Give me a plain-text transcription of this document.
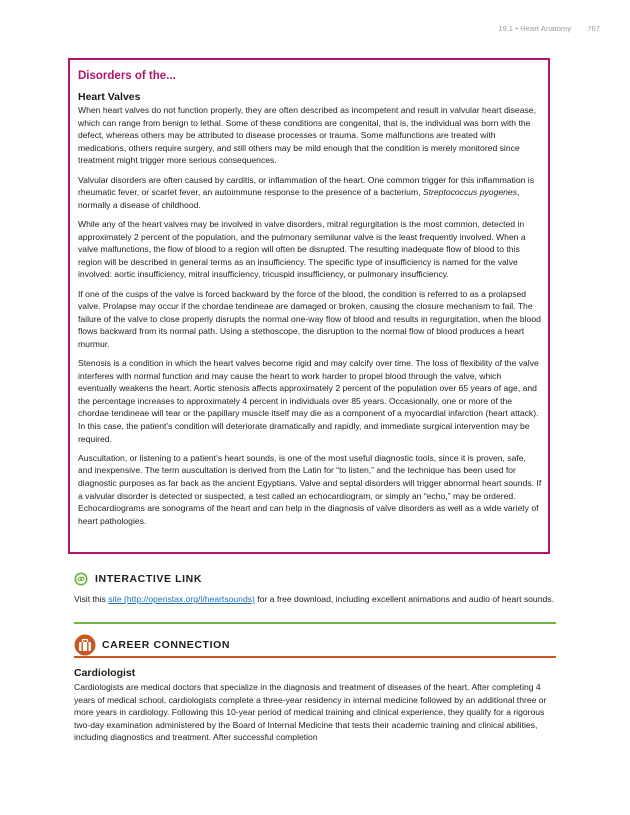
19.1 • Heart Anatomy 767
Disorders of the...
Heart Valves

When heart valves do not function properly, they are often described as incompetent and result in valvular heart disease, which can range from benign to lethal. Some of these conditions are congenital, that is, the individual was born with the defect, whereas others may be attributed to disease processes or trauma. Some malfunctions are treated with medications, others require surgery, and still others may be mild enough that the condition is merely monitored since treatment might trigger more serious consequences.

Valvular disorders are often caused by carditis, or inflammation of the heart. One common trigger for this inflammation is rheumatic fever, or scarlet fever, an autoimmune response to the presence of a bacterium, Streptococcus pyogenes, normally a disease of childhood.

While any of the heart valves may be involved in valve disorders, mitral regurgitation is the most common, detected in approximately 2 percent of the population, and the pulmonary semilunar valve is the least frequently involved. When a valve malfunctions, the flow of blood to a region will often be disrupted. The resulting inadequate flow of blood to this region will be described in general terms as an insufficiency. The specific type of insufficiency is named for the valve involved: aortic insufficiency, mitral insufficiency, tricuspid insufficiency, or pulmonary insufficiency.

If one of the cusps of the valve is forced backward by the force of the blood, the condition is referred to as a prolapsed valve. Prolapse may occur if the chordae tendineae are damaged or broken, causing the closure mechanism to fail. The failure of the valve to close properly disrupts the normal one-way flow of blood and results in regurgitation, when the blood flows backward from its normal path. Using a stethoscope, the disruption to the normal flow of blood produces a heart murmur.

Stenosis is a condition in which the heart valves become rigid and may calcify over time. The loss of flexibility of the valve interferes with normal function and may cause the heart to work harder to propel blood through the valve, which eventually weakens the heart. Aortic stenosis affects approximately 2 percent of the population over 65 years of age, and the percentage increases to approximately 4 percent in individuals over 85 years. Occasionally, one or more of the chordae tendineae will tear or the papillary muscle itself may die as a component of a myocardial infarction (heart attack). In this case, the patient’s condition will deteriorate dramatically and rapidly, and immediate surgical intervention may be required.

Auscultation, or listening to a patient’s heart sounds, is one of the most useful diagnostic tools, since it is proven, safe, and inexpensive. The term auscultation is derived from the Latin for “to listen,” and the technique has been used for diagnostic purposes as far back as the ancient Egyptians. Valve and septal disorders will trigger abnormal heart sounds. If a valvular disorder is detected or suspected, a test called an echocardiogram, or simply an “echo,” may be ordered. Echocardiograms are sonograms of the heart and can help in the diagnosis of valve disorders as well as a wide variety of heart pathologies.

INTERACTIVE LINK

Visit this site (http://openstax.org/l/heartsounds) for a free download, including excellent animations and audio of heart sounds.

CAREER CONNECTION
Cardiologist

Cardiologists are medical doctors that specialize in the diagnosis and treatment of diseases of the heart. After completing 4 years of medical school, cardiologists complete a three-year residency in internal medicine followed by an additional three or more years in cardiology. Following this 10-year period of medical training and clinical experience, they qualify for a rigorous two-day examination administered by the Board of Internal Medicine that tests their academic training and clinical abilities, including diagnostics and treatment. After successful completion
